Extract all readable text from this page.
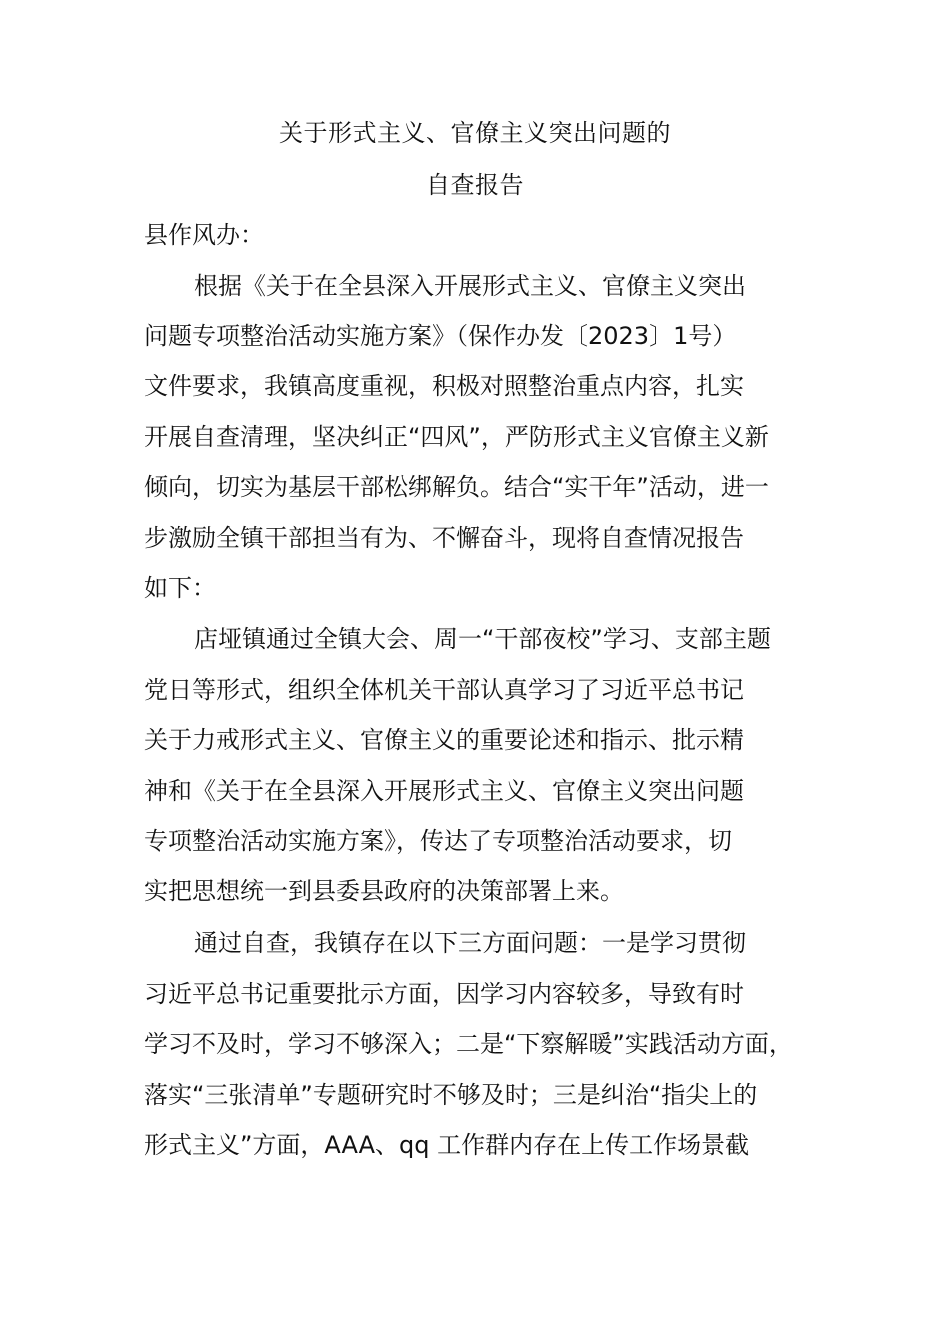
关于形式主义、官僚主义突出问题的
自查报告
县作风办：
根据《关于在全县深入开展形式主义、官僚主义突出
问题专项整治活动实施方案》（保作办发〔2023〕1号）
文件要求，我镇高度重视，积极对照整治重点内容，扎实
开展自查清理，坚决纠正“四风”，严防形式主义官僚主义新
倾向，切实为基层干部松绑解负。结合“实干年”活动，进一
步激励全镇干部担当有为、不懈奋斗，现将自查情况报告
如下：
店垭镇通过全镇大会、周一“干部夜校”学习、支部主题
党日等形式，组织全体机关干部认真学习了习近平总书记
关于力戒形式主义、官僚主义的重要论述和指示、批示精
神和《关于在全县深入开展形式主义、官僚主义突出问题
专项整治活动实施方案》，传达了专项整治活动要求，切
实把思想统一到县委县政府的决策部署上来。
通过自查，我镇存在以下三方面问题：一是学习贯彻
习近平总书记重要批示方面，因学习内容较多，导致有时
学习不及时，学习不够深入；二是“下察解暖”实践活动方面，
落实“三张清单”专题研究时不够及时；三是纠治“指尖上的
形式主义”方面，AAA、qq 工作群内存在上传工作场景截
